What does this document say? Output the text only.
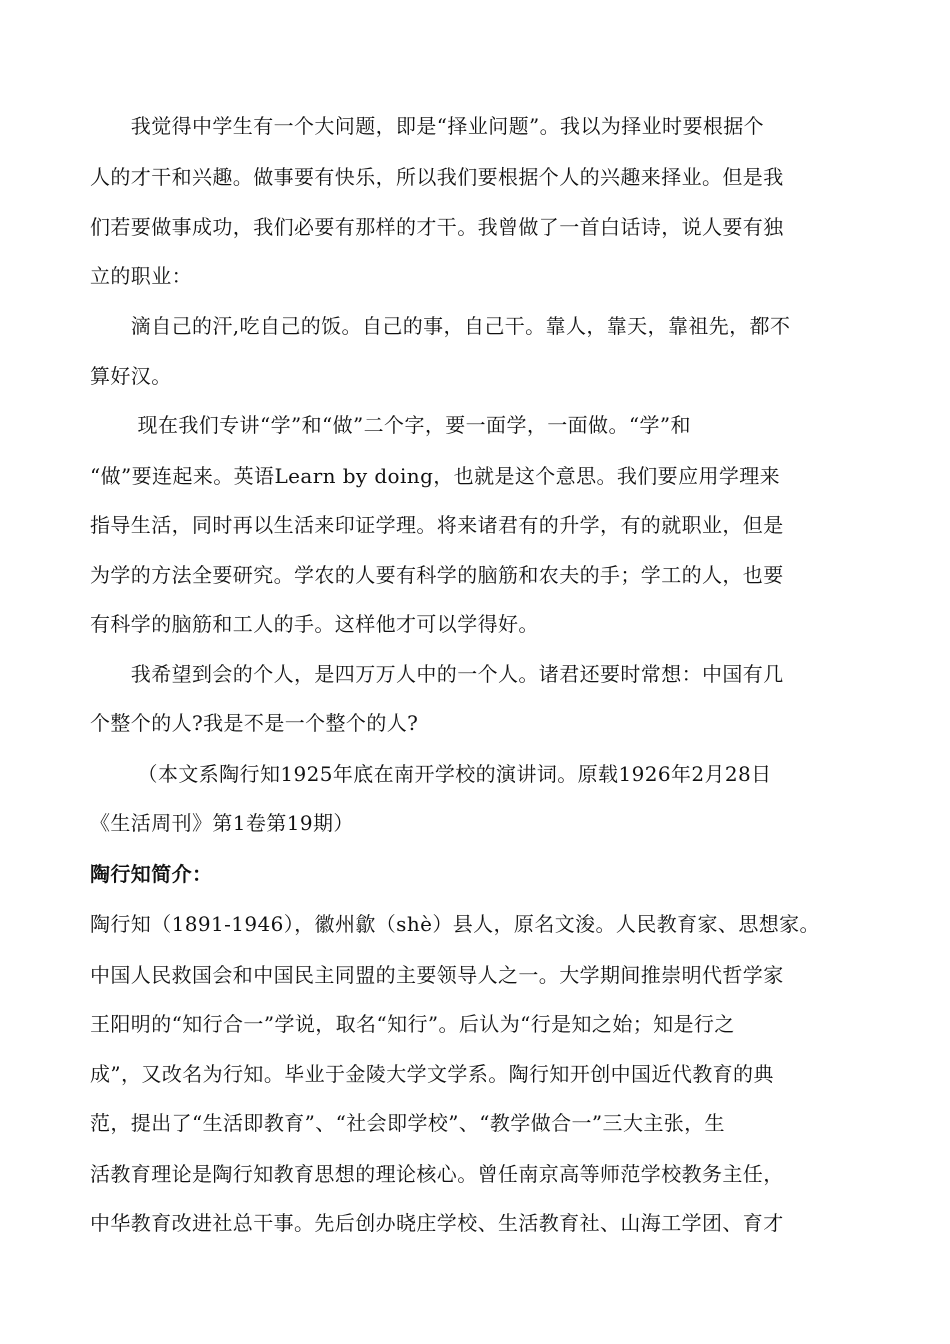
　　我觉得中学生有一个大问题，即是“择业问题”。我以为择业时要根据个
人的才干和兴趣。做事要有快乐，所以我们要根据个人的兴趣来择业。但是我
们若要做事成功，我们必要有那样的才干。我曾做了一首白话诗，说人要有独
立的职业：
　　滴自己的汗,吃自己的饭。自己的事，自己干。靠人，靠天，靠祖先，都不
算好汉。
　　 现在我们专讲“学”和“做”二个字，要一面学，一面做。“学”和
“做”要连起来。英语Learn by doing，也就是这个意思。我们要应用学理来
指导生活，同时再以生活来印证学理。将来诸君有的升学，有的就职业，但是
为学的方法全要研究。学农的人要有科学的脑筋和农夫的手；学工的人，也要
有科学的脑筋和工人的手。这样他才可以学得好。
　　我希望到会的个人，是四万万人中的一个人。诸君还要时常想：中国有几
个整个的人?我是不是一个整个的人?
　　 （本文系陶行知1925年底在南开学校的演讲词。原载1926年2月28日
《生活周刊》第1卷第19期）
陶行知简介：
陶行知（1891-1946），徽州歙（shè）县人，原名文浚。人民教育家、思想家。
中国人民救国会和中国民主同盟的主要领导人之一。大学期间推崇明代哲学家
王阳明的“知行合一”学说，取名“知行”。后认为“行是知之始；知是行之
成”，又改名为行知。毕业于金陵大学文学系。陶行知开创中国近代教育的典
范，提出了“生活即教育”、“社会即学校”、“教学做合一”三大主张，生
活教育理论是陶行知教育思想的理论核心。曾任南京高等师范学校教务主任，
中华教育改进社总干事。先后创办晓庄学校、生活教育社、山海工学团、育才
